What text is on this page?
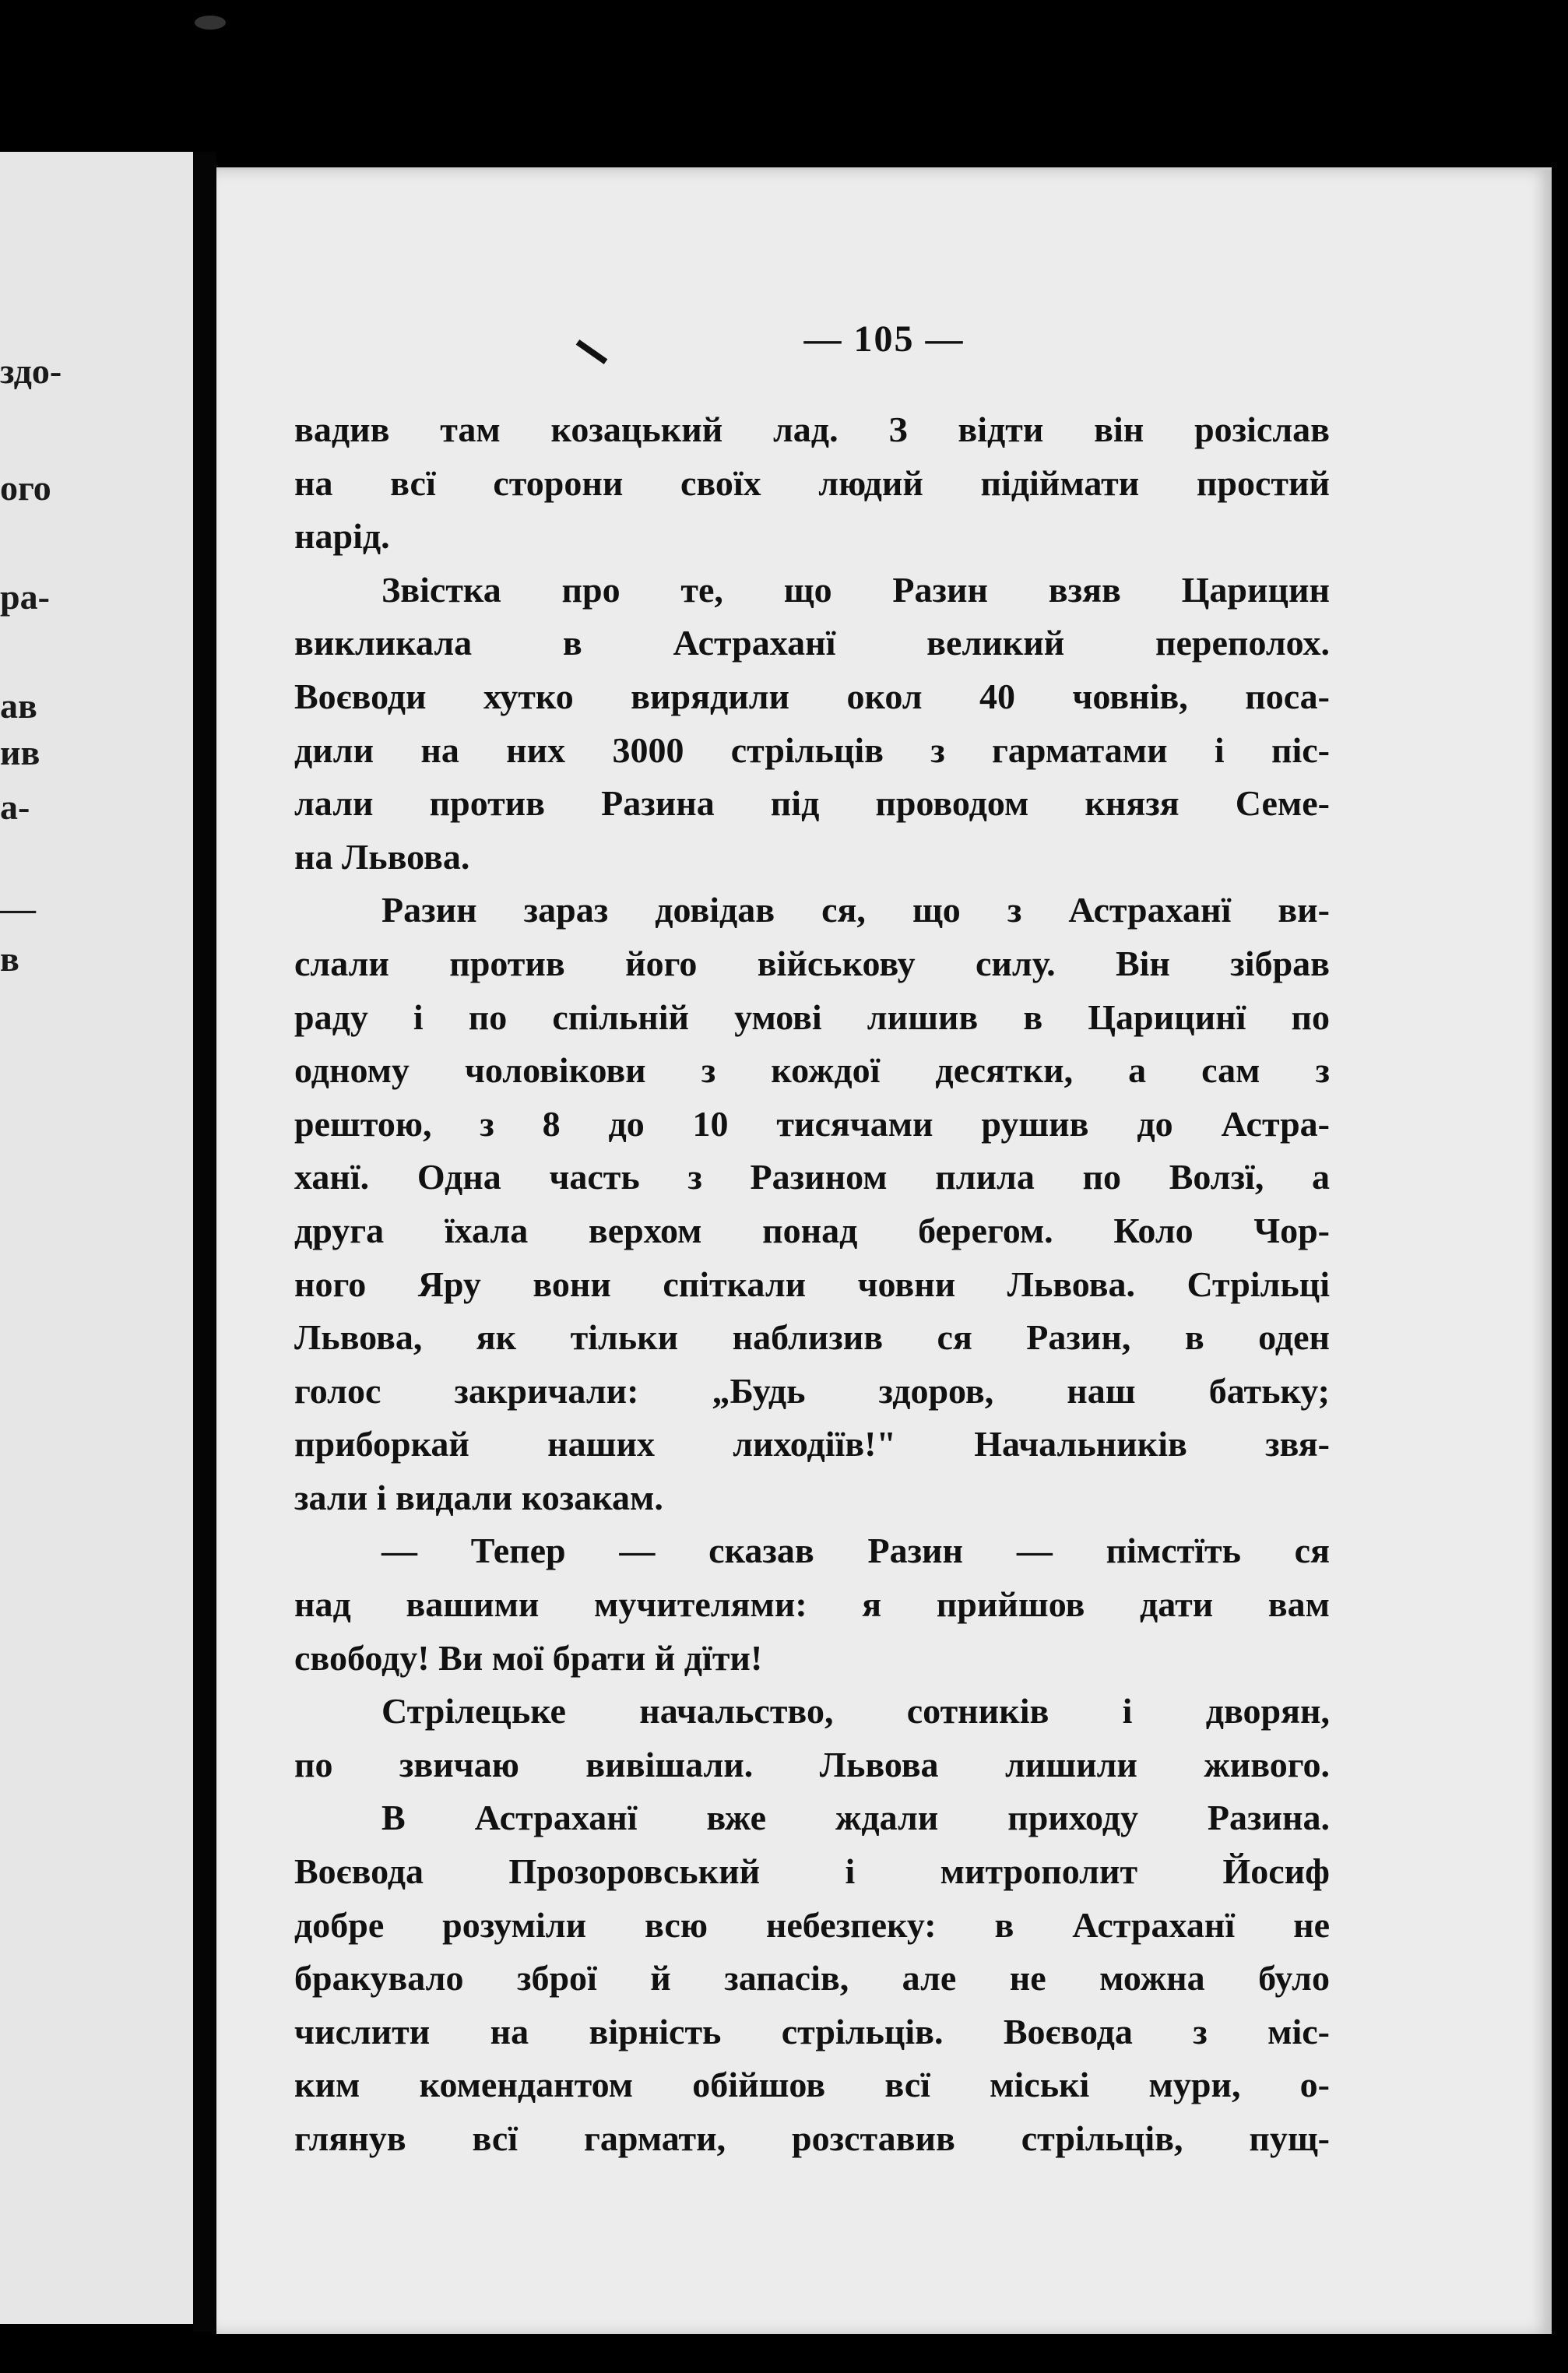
здо-
ого
ра-
ав
ив
а-
—
в
— 105 —
вадив там козацький лад. З відти він розіслав
на всї сторони своїх людий підіймати простий
нарід.
Звістка про те, що Разин взяв Царицин
викликала в Астраханї великий переполох.
Воєводи хутко вирядили окол 40 човнів, поса-
дили на них 3000 стрільців з гарматами і піс-
лали против Разина під проводом князя Семе-
на Львова.
Разин зараз довідав ся, що з Астраханї ви-
слали против його військову силу. Він зібрав
раду і по спільній умові лишив в Царицинї по
одному чоловікови з кождої десятки, а сам з
рештою, з 8 до 10 тисячами рушив до Астра-
ханї. Одна часть з Разином плила по Волзї, а
друга їхала верхом понад берегом. Коло Чор-
ного Яру вони спіткали човни Львова. Стрільці
Львова, як тільки наблизив ся Разин, в оден
голос закричали: „Будь здоров, наш батьку;
приборкай наших лиходіїв!" Начальників звя-
зали і видали козакам.
— Тепер — сказав Разин — пімстїть ся
над вашими мучителями: я прийшов дати вам
свободу! Ви мої брати й дїти!
Стрілецьке начальство, сотників і дворян,
по звичаю вивішали. Львова лишили живого.
В Астраханї вже ждали приходу Разина.
Воєвода Прозоровський і митрополит Йосиф
добре розуміли всю небезпеку: в Астраханї не
бракувало зброї й запасів, але не можна було
числити на вірність стрільців. Воєвода з міс-
ким комендантом обійшов всї міські мури, о-
глянув всї гармати, розставив стрільців, пущ-
